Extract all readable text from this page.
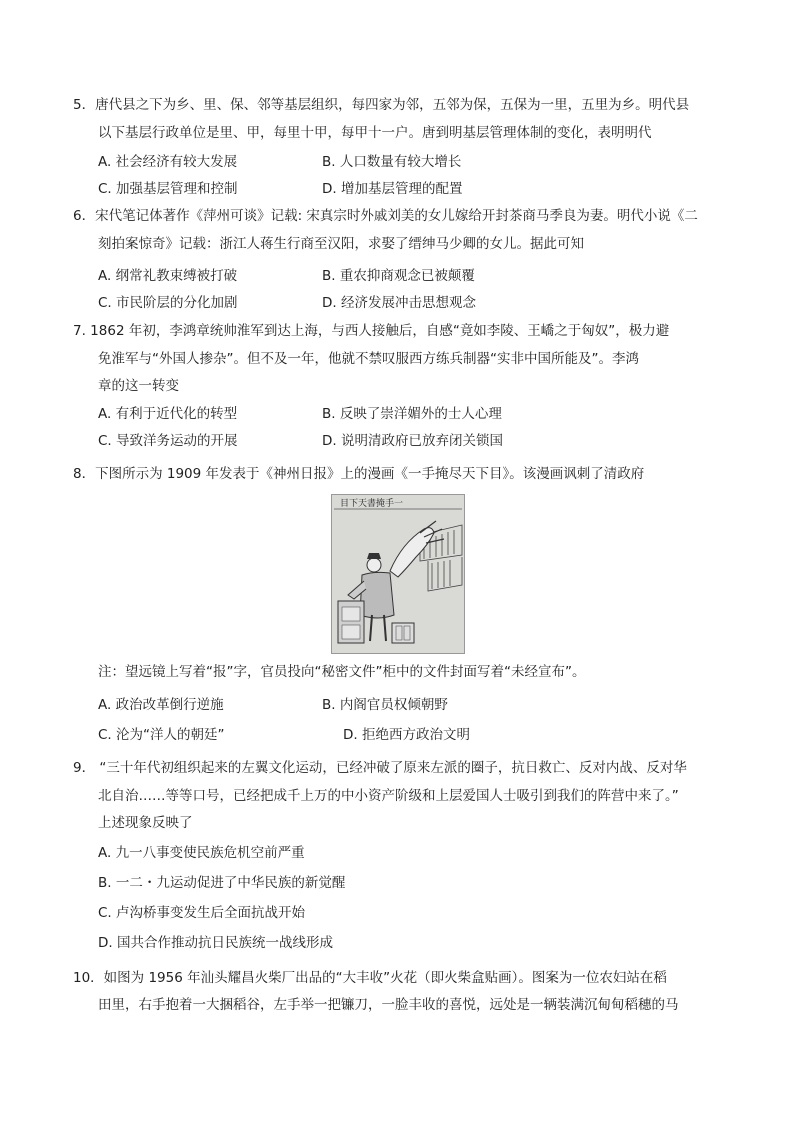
5．唐代县之下为乡、里、保、邻等基层组织，每四家为邻，五邻为保，五保为一里，五里为乡。明代县
以下基层行政单位是里、甲，每里十甲，每甲十一户。唐到明基层管理体制的变化，表明明代
A. 社会经济有较大发展	B. 人口数量有较大增长
C. 加强基层管理和控制	D. 增加基层管理的配置
6．宋代笔记体著作《萍州可谈》记载: 宋真宗时外戚刘美的女儿嫁给开封茶商马季良为妻。明代小说《二
刻拍案惊奇》记载：浙江人蒋生行商至汉阳，求娶了缙绅马少卿的女儿。据此可知
A. 纲常礼教束缚被打破	B. 重农抑商观念已被颠覆
C. 市民阶层的分化加剧	D. 经济发展冲击思想观念
7. 1862 年初，李鸿章统帅淮军到达上海，与西人接触后，自感“竟如李陵、王嶠之于匈奴”，极力避
免淮军与“外国人掺杂”。但不及一年，他就不禁叹服西方练兵制器“实非中国所能及”。李鸿
章的这一转变
A. 有利于近代化的转型	B. 反映了崇洋媚外的士人心理
C. 导致洋务运动的开展	D. 说明清政府已放弃闭关锁国
8．下图所示为 1909 年发表于《神州日报》上的漫画《一手掩尽天下目》。该漫画讽刺了清政府
目下天書掩手一
注：望远镜上写着“报”字，官员投向“秘密文件”柜中的文件封面写着“未经宣布”。
A. 政治改革倒行逆施	B. 内阁官员权倾朝野
C. 沦为“洋人的朝廷”	D. 拒绝西方政治文明
9． “三十年代初组织起来的左翼文化运动，已经冲破了原来左派的圈子，抗日救亡、反对内战、反对华
北自治……等等口号，已经把成千上万的中小资产阶级和上层爱国人士吸引到我们的阵营中来了。”
上述现象反映了
A. 九一八事变使民族危机空前严重
B. 一二・九运动促进了中华民族的新觉醒
C. 卢沟桥事变发生后全面抗战开始
D. 国共合作推动抗日民族统一战线形成
10．如图为 1956 年汕头耀昌火柴厂出品的“大丰收”火花（即火柴盒贴画）。图案为一位农妇站在稻
田里，右手抱着一大捆稻谷，左手举一把镰刀，一脸丰收的喜悦，远处是一辆装满沉甸甸稻穗的马
